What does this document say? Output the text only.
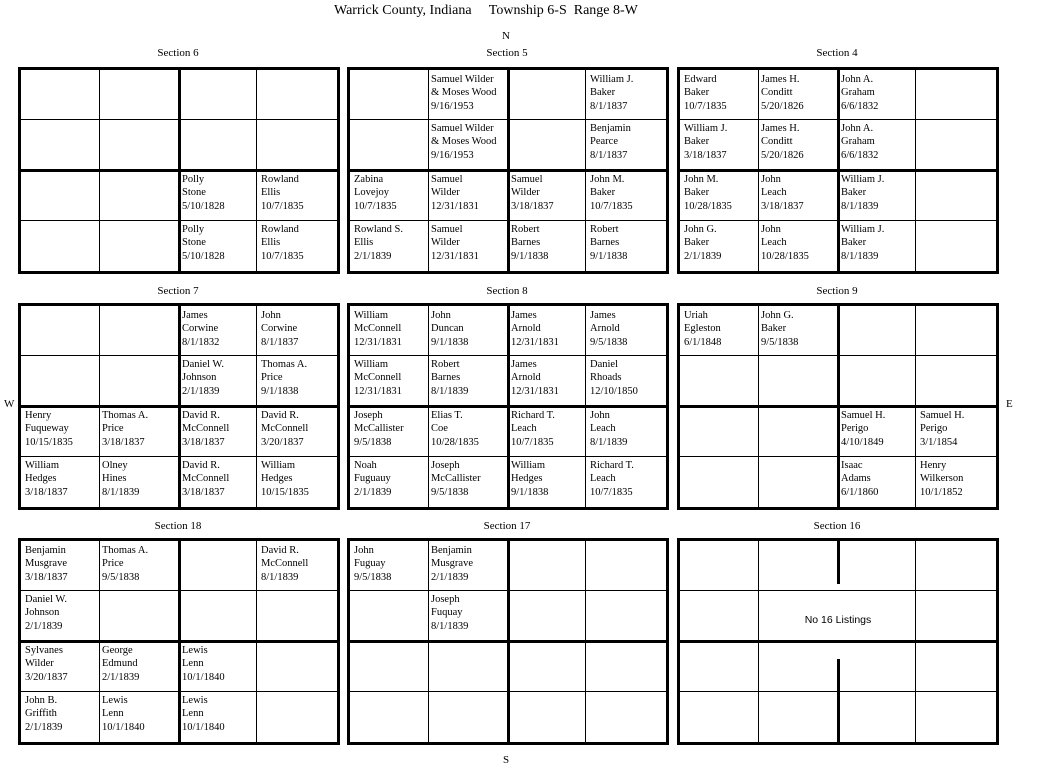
Warrick County, Indiana     Township 6-S  Range 8-W
N
S
E
W
Section 6
Polly
Stone
5/10/1828
Rowland
Ellis
10/7/1835
Polly
Stone
5/10/1828
Rowland
Ellis
10/7/1835
Section 5
Samuel Wilder
& Moses Wood
9/16/1953
William J.
Baker
8/1/1837
Samuel Wilder
& Moses Wood
9/16/1953
Benjamin
Pearce
8/1/1837
Zabina
Lovejoy
10/7/1835
Samuel
Wilder
12/31/1831
Samuel
Wilder
3/18/1837
John M.
Baker
10/7/1835
Rowland S.
Ellis
2/1/1839
Samuel
Wilder
12/31/1831
Robert
Barnes
9/1/1838
Robert
Barnes
9/1/1838
Section 4
Edward
Baker
10/7/1835
James H.
Conditt
5/20/1826
John A.
Graham
6/6/1832
William J.
Baker
3/18/1837
James H.
Conditt
5/20/1826
John A.
Graham
6/6/1832
John M.
Baker
10/28/1835
John
Leach
3/18/1837
William J.
Baker
8/1/1839
John G.
Baker
2/1/1839
John
Leach
10/28/1835
William J.
Baker
8/1/1839
Section 7
James
Corwine
8/1/1832
John
Corwine
8/1/1837
Daniel W.
Johnson
2/1/1839
Thomas A.
Price
9/1/1838
Henry
Fuqueway
10/15/1835
Thomas A.
Price
3/18/1837
David R.
McConnell
3/18/1837
David R.
McConnell
3/20/1837
William
Hedges
3/18/1837
Olney
Hines
8/1/1839
David R.
McConnell
3/18/1837
William
Hedges
10/15/1835
Section 8
William
McConnell
12/31/1831
John
Duncan
9/1/1838
James
Arnold
12/31/1831
James
Arnold
9/5/1838
William
McConnell
12/31/1831
Robert
Barnes
8/1/1839
James
Arnold
12/31/1831
Daniel
Rhoads
12/10/1850
Joseph
McCallister
9/5/1838
Elias T.
Coe
10/28/1835
Richard T.
Leach
10/7/1835
John
Leach
8/1/1839
Noah
Fuguauy
2/1/1839
Joseph
McCallister
9/5/1838
William
Hedges
9/1/1838
Richard T.
Leach
10/7/1835
Section 9
Uriah
Egleston
6/1/1848
John G.
Baker
9/5/1838
Samuel H.
Perigo
4/10/1849
Samuel H.
Perigo
3/1/1854
Isaac
Adams
6/1/1860
Henry
Wilkerson
10/1/1852
Section 18
Benjamin
Musgrave
3/18/1837
Thomas A.
Price
9/5/1838
David R.
McConnell
8/1/1839
Daniel W.
Johnson
2/1/1839
Sylvanes
Wilder
3/20/1837
George
Edmund
2/1/1839
Lewis
Lenn
10/1/1840
John B.
Griffith
2/1/1839
Lewis
Lenn
10/1/1840
Lewis
Lenn
10/1/1840
Section 17
John
Fuguay
9/5/1838
Benjamin
Musgrave
2/1/1839
Joseph
Fuquay
8/1/1839
Section 16
No 16 Listings
